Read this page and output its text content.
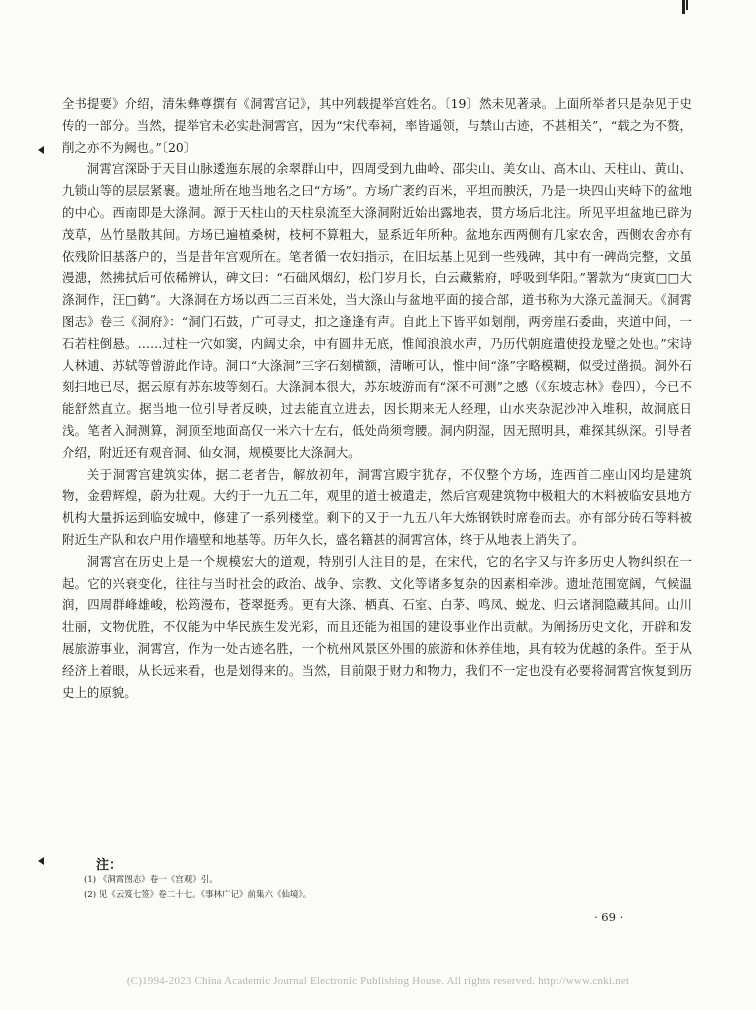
全书提要》介绍，清朱彝尊撰有《洞霄宫记》，其中列载提举宫姓名。〔19〕然未见著录。上面所举者只是杂见于史传的一部分。当然，提举官未必实赴洞霄宫，因为“宋代奉祠，率皆遥领，与禁山古迹，不甚相关”，“载之为不赘，削之亦不为阙也。”〔20〕

洞霄宫深卧于天目山脉逶迤东展的余翠群山中，四周受到九曲岭、邵尖山、美女山、高木山、天柱山、黄山、九锁山等的层层紧裹。遗址所在地当地名之曰“方场”。方场广袤约百米，平坦而腴沃，乃是一块四山夹峙下的盆地的中心。西南即是大涤洞。源于天柱山的天柱泉流至大涤洞附近始出露地表，贯方场后北注。所见平坦盆地已辟为茂草，丛竹垦散其间。方场已遍植桑树，枝柯不算粗大，显系近年所种。盆地东西两侧有几家农舍，西侧农舍亦有依残阶旧基落户的，当是昔年宫观所在。笔者循一农妇指示，在旧坛基上见到一些残碑，其中有一碑尚完整，文虽漫漶，然拂拭后可依稀辨认，碑文曰：“石础风烟幻，松门岁月长，白云藏紫府，呼吸到华阳。”署款为“庚寅□□大涤洞作，汪□鹤”。大涤洞在方场以西二三百米处，当大涤山与盆地平面的接合部，道书称为大涤元盖洞天。《洞霄图志》卷三《洞府》：“洞门石鼓，广可寻丈，扣之逢逢有声。自此上下皆平如刬削，两旁崖石委曲，夹道中间，一石若柱倒悬。……过柱一穴如窦，内阔丈余，中有圆井无底，惟闻浪浪水声，乃历代朝庭遣使投龙璧之处也。”宋诗人林逋、苏轼等曾游此作诗。洞口“大涤洞”三字石刻横额，清晰可认，惟中间“涤”字略模糊，似受过凿损。洞外石刻扫地已尽，据云原有苏东坡等刻石。大涤洞本很大，苏东坡游而有“深不可测”之感（《东坡志林》卷四），今已不能舒然直立。据当地一位引导者反映，过去能直立进去，因长期来无人经理，山水夹杂泥沙冲入堆积，故洞底日浅。笔者入洞测算，洞顶至地面高仅一米六十左右，低处尚须弯腰。洞内阴湿，因无照明具，难探其纵深。引导者介绍，附近还有观音洞、仙女洞，规模要比大涤洞大。

关于洞霄宫建筑实体，据二老者告，解放初年，洞霄宫殿宇犹存，不仅整个方场，连西首二座山冈均是建筑物，金碧辉煌，蔚为壮观。大约于一九五二年，观里的道士被遣走，然后宫观建筑物中极粗大的木料被临安县地方机构大量拆运到临安城中，修建了一系列楼堂。剩下的又于一九五八年大炼钢铁时席卷而去。亦有部分砖石等料被附近生产队和农户用作墙壁和地基等。历年久长，盛名籍甚的洞霄宫体，终于从地表上消失了。

洞霄宫在历史上是一个规模宏大的道观，特别引人注目的是，在宋代，它的名字又与许多历史人物纠织在一起。它的兴衰变化，往往与当时社会的政治、战争、宗教、文化等诸多复杂的因素相牵涉。遗址范围宽阔，气候温润，四周群峰雄峻，松筠漫布，苍翠挺秀。更有大涤、栖真、石室、白茅、鸣凤、蜕龙、归云诸洞隐藏其间。山川壮丽，文物优胜，不仅能为中华民族生发光彩，而且还能为祖国的建设事业作出贡献。为阐扬历史文化，开辟和发展旅游事业，洞霄宫，作为一处古迹名胜，一个杭州风景区外围的旅游和休养佳地，具有较为优越的条件。至于从经济上着眼，从长远来看，也是划得来的。当然，目前限于财力和物力，我们不一定也没有必要将洞霄宫恢复到历史上的原貌。

注：

(1) 《洞霄图志》卷一《宫观》引。

(2) 见《云笈七签》卷二十七。《事林广记》前集六《仙境》。

· 69 ·
(C)1994-2023 China Academic Journal Electronic Publishing House. All rights reserved. http://www.cnki.net
